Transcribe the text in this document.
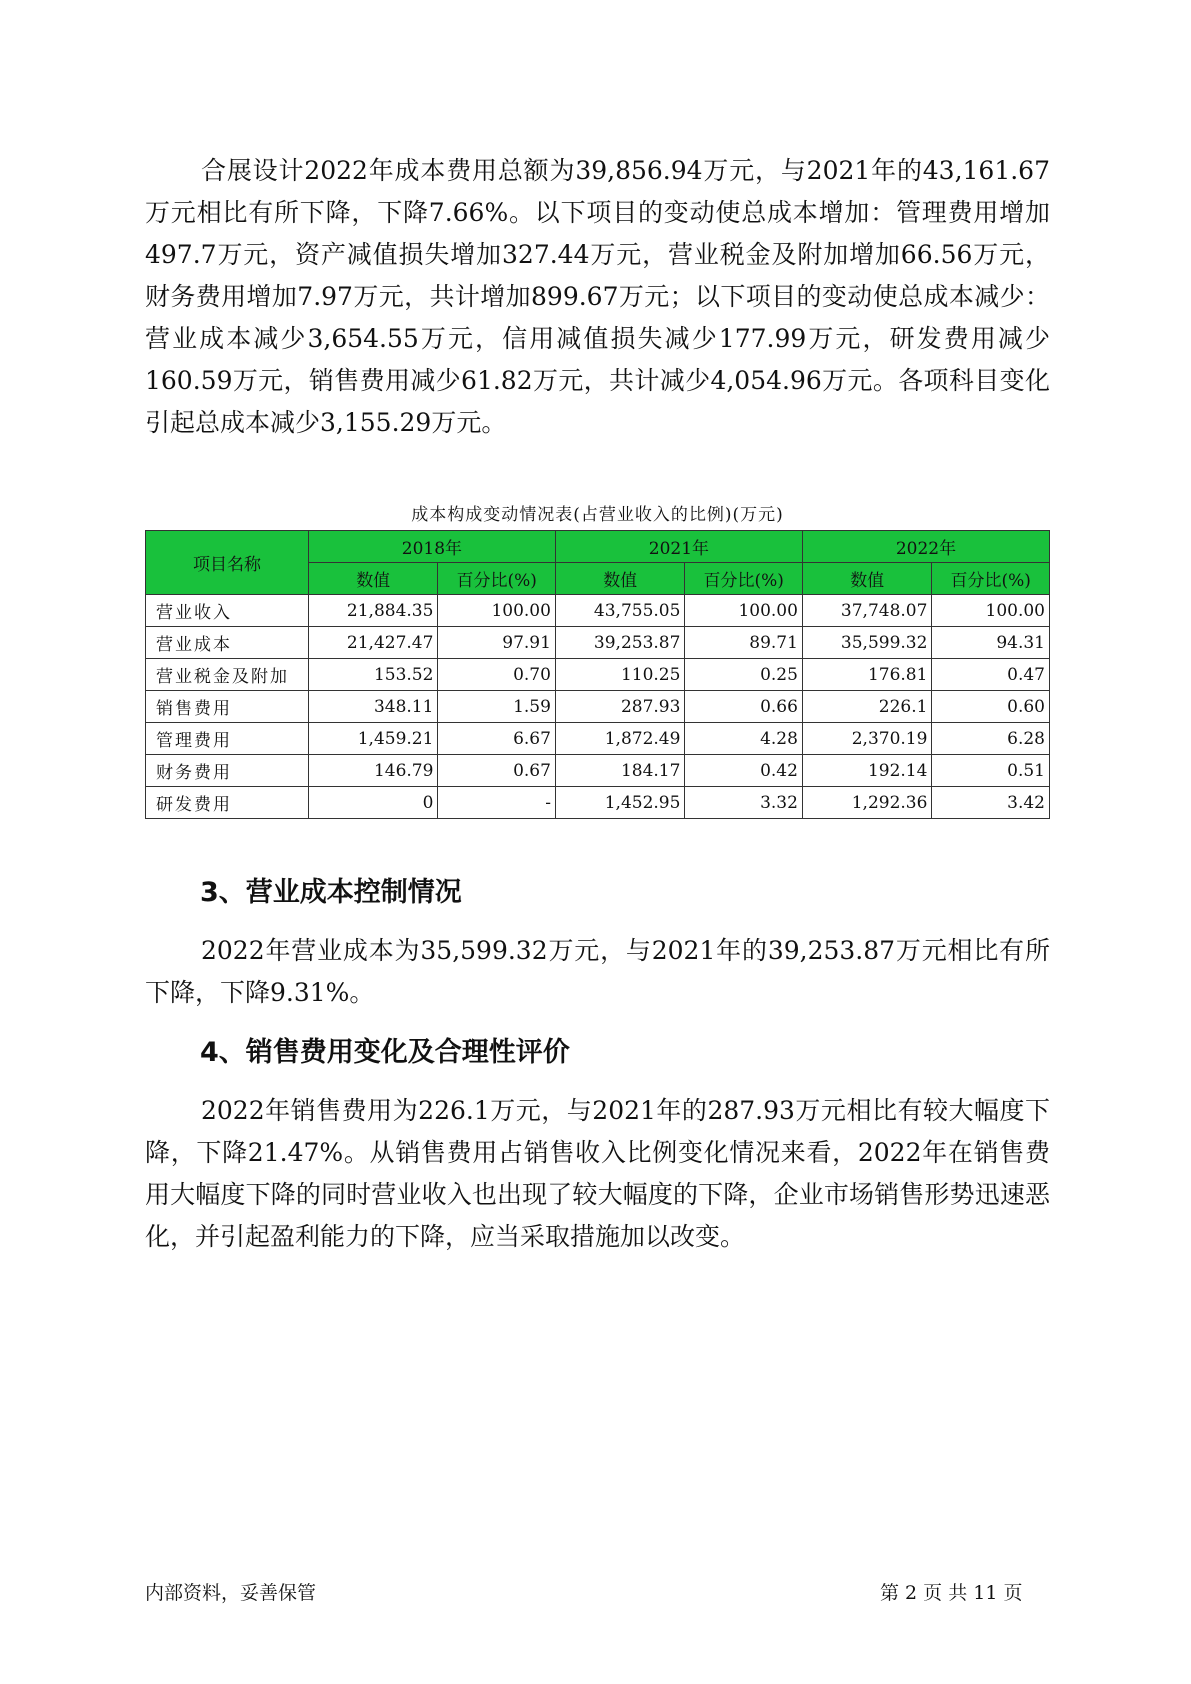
合展设计2022年成本费用总额为39,856.94万元，与2021年的43,161.67万元相比有所下降，下降7.66%。以下项目的变动使总成本增加：管理费用增加497.7万元，资产减值损失增加327.44万元，营业税金及附加增加66.56万元，财务费用增加7.97万元，共计增加899.67万元；以下项目的变动使总成本减少：营业成本减少3,654.55万元，信用减值损失减少177.99万元，研发费用减少160.59万元，销售费用减少61.82万元，共计减少4,054.96万元。各项科目变化引起总成本减少3,155.29万元。

成本构成变动情况表(占营业收入的比例)(万元)
项目名称	2018年		2021年		2022年	
	数值	百分比(%)	数值	百分比(%)	数值	百分比(%)
营业收入	21,884.35	100.00	43,755.05	100.00	37,748.07	100.00
营业成本	21,427.47	97.91	39,253.87	89.71	35,599.32	94.31
营业税金及附加	153.52	0.70	110.25	0.25	176.81	0.47
销售费用	348.11	1.59	287.93	0.66	226.1	0.60
管理费用	1,459.21	6.67	1,872.49	4.28	2,370.19	6.28
财务费用	146.79	0.67	184.17	0.42	192.14	0.51
研发费用	0	-	1,452.95	3.32	1,292.36	3.42
3、营业成本控制情况

2022年营业成本为35,599.32万元，与2021年的39,253.87万元相比有所下降，下降9.31%。

4、销售费用变化及合理性评价

2022年销售费用为226.1万元，与2021年的287.93万元相比有较大幅度下降，下降21.47%。从销售费用占销售收入比例变化情况来看，2022年在销售费用大幅度下降的同时营业收入也出现了较大幅度的下降，企业市场销售形势迅速恶化，并引起盈利能力的下降，应当采取措施加以改变。

内部资料，妥善保管	第 2 页 共 11 页
